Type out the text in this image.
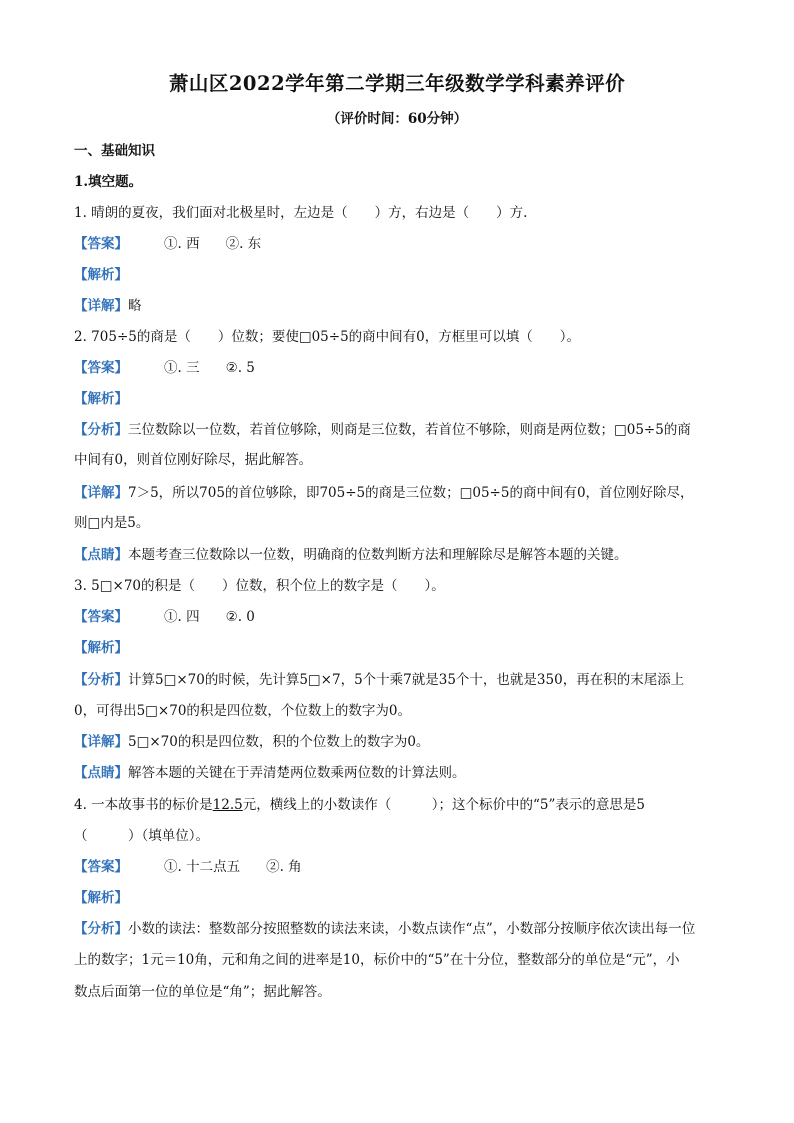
萧山区2022学年第二学期三年级数学学科素养评价
（评价时间：60分钟）
一、基础知识
1.填空题。
1. 晴朗的夏夜，我们面对北极星时，左边是（　　）方，右边是（　　）方.
【答案】	①. 西 ②. 东
【解析】
【详解】略
2. 705÷5的商是（　　）位数；要使□05÷5的商中间有0，方框里可以填（　　）。
【答案】	①. 三 ②. 5
【解析】
【分析】三位数除以一位数，若首位够除，则商是三位数，若首位不够除，则商是两位数；□05÷5的商
中间有0，则首位刚好除尽，据此解答。
【详解】7＞5，所以705的首位够除，即705÷5的商是三位数；□05÷5的商中间有0，首位刚好除尽，
则□内是5。
【点睛】本题考查三位数除以一位数，明确商的位数判断方法和理解除尽是解答本题的关键。
3. 5□×70的积是（　　）位数，积个位上的数字是（　　）。
【答案】	①. 四 ②. 0
【解析】
【分析】计算5□×70的时候，先计算5□×7，5个十乘7就是35个十，也就是350，再在积的末尾添上
0，可得出5□×70的积是四位数，个位数上的数字为0。
【详解】5□×70的积是四位数，积的个位数上的数字为0。
【点睛】解答本题的关键在于弄清楚两位数乘两位数的计算法则。
4. 一本故事书的标价是12.5元，横线上的小数读作（　　　）；这个标价中的“5”表示的意思是5
（　　　）（填单位）。
【答案】	①. 十二点五 ②. 角
【解析】
【分析】小数的读法：整数部分按照整数的读法来读，小数点读作“点”，小数部分按顺序依次读出每一位
上的数字；1元＝10角，元和角之间的进率是10，标价中的“5”在十分位，整数部分的单位是“元”，小
数点后面第一位的单位是“角”；据此解答。
